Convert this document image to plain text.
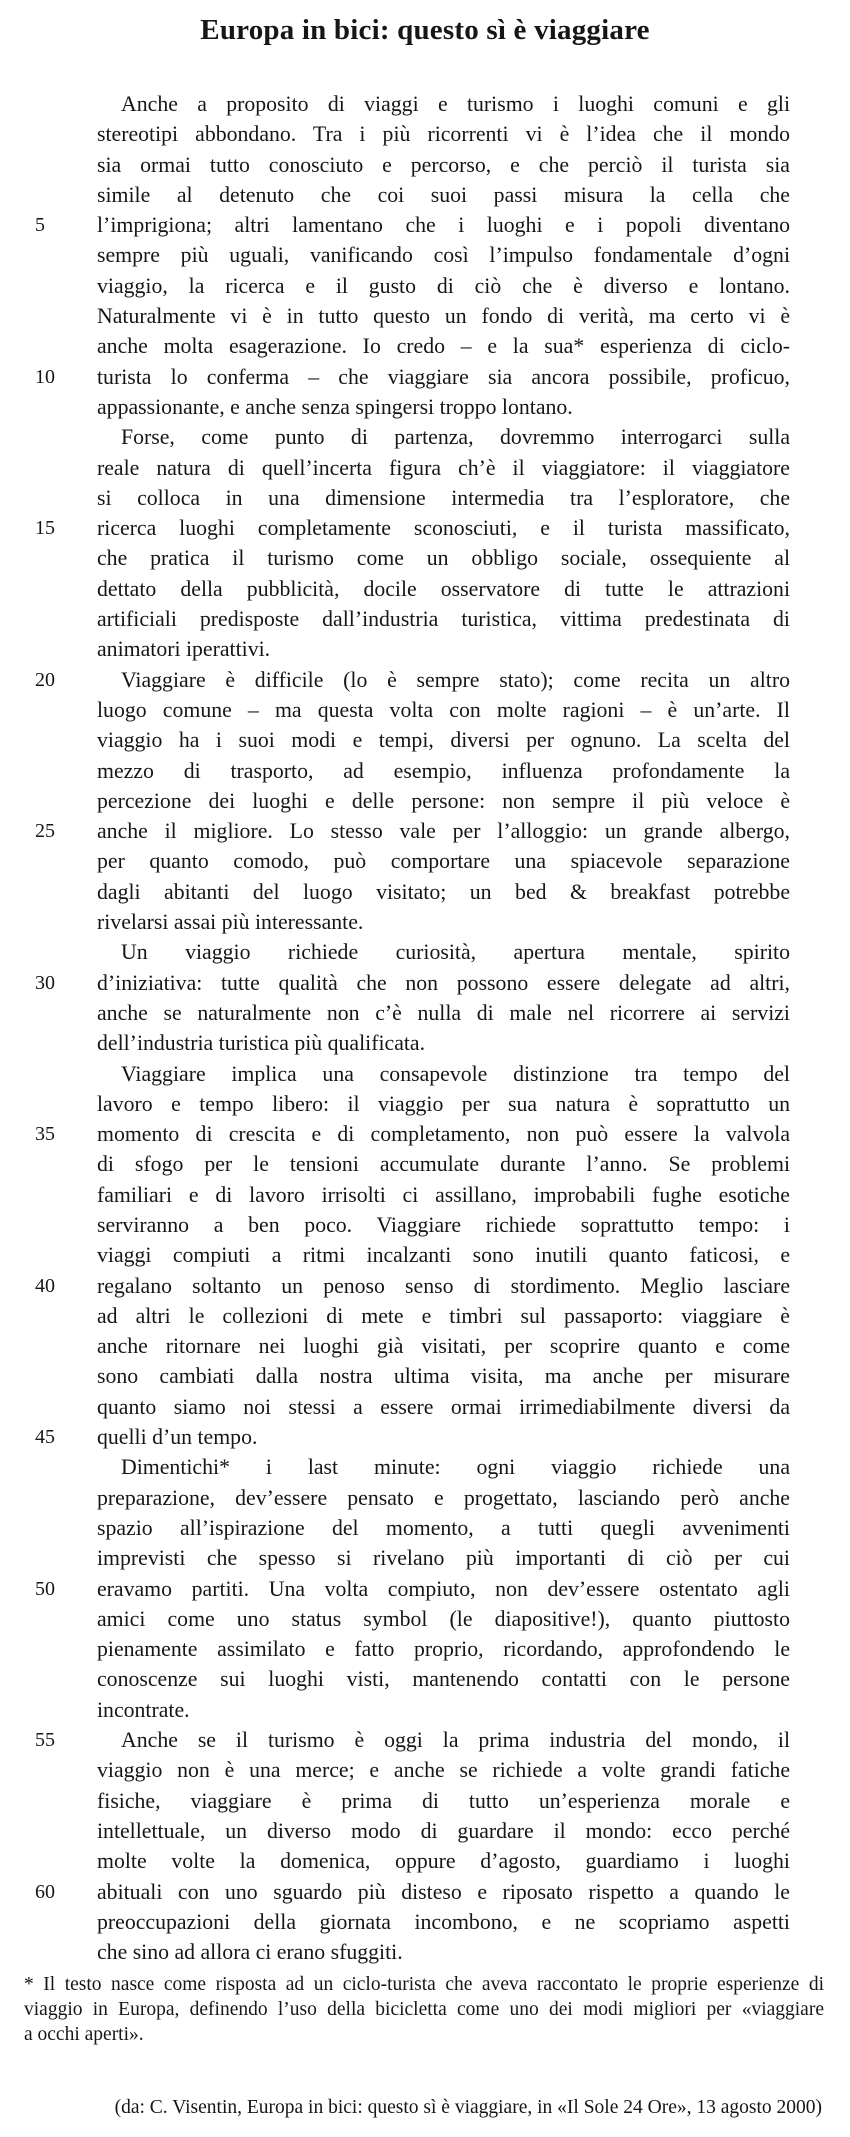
Europa in bici: questo sì è viaggiare
Anche a proposito di viaggi e turismo i luoghi comuni e gli
stereotipi abbondano. Tra i più ricorrenti vi è l’idea che il mondo
sia ormai tutto conosciuto e percorso, e che perciò il turista sia
simile al detenuto che coi suoi passi misura la cella che
5	l’imprigiona; altri lamentano che i luoghi e i popoli diventano
sempre più uguali, vanificando così l’impulso fondamentale d’ogni
viaggio, la ricerca e il gusto di ciò che è diverso e lontano.
Naturalmente vi è in tutto questo un fondo di verità, ma certo vi è
anche molta esagerazione. Io credo – e la sua* esperienza di ciclo-
10	turista lo conferma – che viaggiare sia ancora possibile, proficuo,
appassionante, e anche senza spingersi troppo lontano.
Forse, come punto di partenza, dovremmo interrogarci sulla
reale natura di quell’incerta figura ch’è il viaggiatore: il viaggiatore
si colloca in una dimensione intermedia tra l’esploratore, che
15	ricerca luoghi completamente sconosciuti, e il turista massificato,
che pratica il turismo come un obbligo sociale, ossequiente al
dettato della pubblicità, docile osservatore di tutte le attrazioni
artificiali predisposte dall’industria turistica, vittima predestinata di
animatori iperattivi.
20	Viaggiare è difficile (lo è sempre stato); come recita un altro
luogo comune – ma questa volta con molte ragioni – è un’arte. Il
viaggio ha i suoi modi e tempi, diversi per ognuno. La scelta del
mezzo di trasporto, ad esempio, influenza profondamente la
percezione dei luoghi e delle persone: non sempre il più veloce è
25	anche il migliore. Lo stesso vale per l’alloggio: un grande albergo,
per quanto comodo, può comportare una spiacevole separazione
dagli abitanti del luogo visitato; un bed & breakfast potrebbe
rivelarsi assai più interessante.
Un viaggio richiede curiosità, apertura mentale, spirito
30	d’iniziativa: tutte qualità che non possono essere delegate ad altri,
anche se naturalmente non c’è nulla di male nel ricorrere ai servizi
dell’industria turistica più qualificata.
Viaggiare implica una consapevole distinzione tra tempo del
lavoro e tempo libero: il viaggio per sua natura è soprattutto un
35	momento di crescita e di completamento, non può essere la valvola
di sfogo per le tensioni accumulate durante l’anno. Se problemi
familiari e di lavoro irrisolti ci assillano, improbabili fughe esotiche
serviranno a ben poco. Viaggiare richiede soprattutto tempo: i
viaggi compiuti a ritmi incalzanti sono inutili quanto faticosi, e
40	regalano soltanto un penoso senso di stordimento. Meglio lasciare
ad altri le collezioni di mete e timbri sul passaporto: viaggiare è
anche ritornare nei luoghi già visitati, per scoprire quanto e come
sono cambiati dalla nostra ultima visita, ma anche per misurare
quanto siamo noi stessi a essere ormai irrimediabilmente diversi da
45	quelli d’un tempo.
Dimentichi* i last minute: ogni viaggio richiede una
preparazione, dev’essere pensato e progettato, lasciando però anche
spazio all’ispirazione del momento, a tutti quegli avvenimenti
imprevisti che spesso si rivelano più importanti di ciò per cui
50	eravamo partiti. Una volta compiuto, non dev’essere ostentato agli
amici come uno status symbol (le diapositive!), quanto piuttosto
pienamente assimilato e fatto proprio, ricordando, approfondendo le
conoscenze sui luoghi visti, mantenendo contatti con le persone
incontrate.
55	Anche se il turismo è oggi la prima industria del mondo, il
viaggio non è una merce; e anche se richiede a volte grandi fatiche
fisiche, viaggiare è prima di tutto un’esperienza morale e
intellettuale, un diverso modo di guardare il mondo: ecco perché
molte volte la domenica, oppure d’agosto, guardiamo i luoghi
60	abituali con uno sguardo più disteso e riposato rispetto a quando le
preoccupazioni della giornata incombono, e ne scopriamo aspetti
che sino ad allora ci erano sfuggiti.
* Il testo nasce come risposta ad un ciclo-turista che aveva raccontato le proprie esperienze di
viaggio in Europa, definendo l’uso della bicicletta come uno dei modi migliori per «viaggiare
a occhi aperti».
(da: C. Visentin, Europa in bici: questo sì è viaggiare, in «Il Sole 24 Ore», 13 agosto 2000)
